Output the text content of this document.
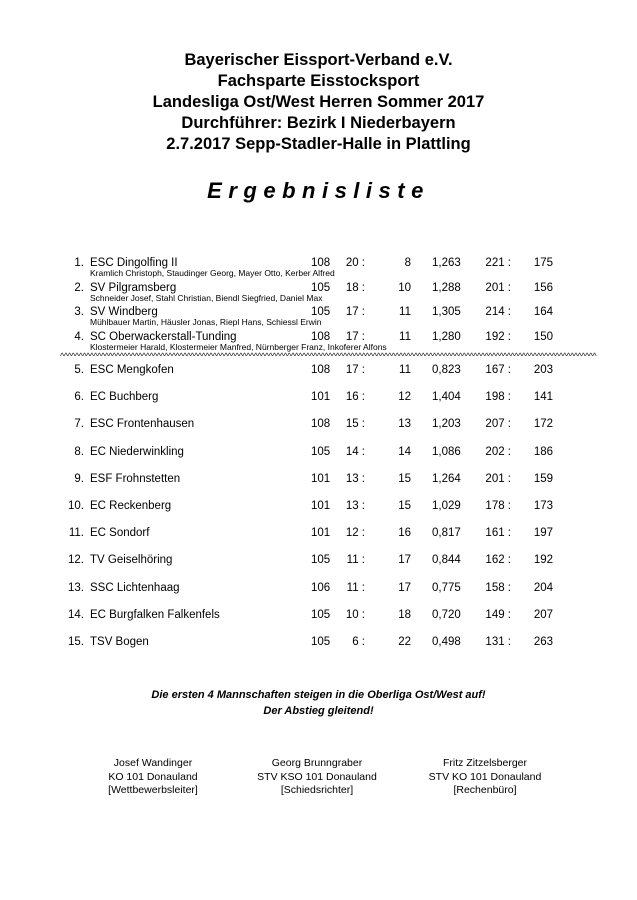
Bayerischer Eissport-Verband e.V.
Fachsparte Eisstocksport
Landesliga Ost/West Herren Sommer 2017
Durchführer: Bezirk I Niederbayern
2.7.2017 Sepp-Stadler-Halle in Plattling
Ergebnisliste
1. ESC Dingolfing II	108 20 :	8 1,263 221 : 175
Kramlich Christoph, Staudinger Georg, Mayer Otto, Kerber Alfred
2. SV Pilgramsberg	105 18 :	10 1,288 201 : 156
Schneider Josef, Stahl Christian, Biendl Siegfried, Daniel Max
3. SV Windberg	105 17 :	11 1,305 214 : 164
Mühlbauer Martin, Häusler Jonas, Riepl Hans, Schiessl Erwin
4. SC Oberwackerstall-Tunding	108 17 :	11 1,280 192 : 150
Klostermeier Harald, Klostermeier Manfred, Nürnberger Franz, Inkoferer Alfons
5. ESC Mengkofen	108 17 :	11 0,823 167 : 203
6. EC Buchberg	101 16 :	12 1,404 198 : 141
7. ESC Frontenhausen	108 15 :	13 1,203 207 : 172
8. EC Niederwinkling	105 14 :	14 1,086 202 : 186
9. ESF Frohnstetten	101 13 :	15 1,264 201 : 159
10. EC Reckenberg	101 13 :	15 1,029 178 : 173
11. EC Sondorf	101 12 :	16 0,817 161 : 197
12. TV Geiselhöring	105 11 :	17 0,844 162 : 192
13. SSC Lichtenhaag	106 11 :	17 0,775 158 : 204
14. EC Burgfalken Falkenfels	105 10 :	18 0,720 149 : 207
15. TSV Bogen	105 6 :	22 0,498 131 : 263
^^^^^^^^^^^^^^^^^^^^^^^^^^^^^^^^^^^^^^^^^^^^^^^^^^^^^^^^^^^^^^^^^^^^^^^^^^^^^^^^^^^^^^^^^^^^^^^^^^^^^^^^^^^^^^^^^^^^^^^^^^^^^^^^^^^^^^^^^^^^^^^^
Die ersten 4 Mannschaften steigen in die Oberliga Ost/West auf!
Der Abstieg gleitend!
Josef Wandinger
KO 101 Donauland
[Wettbewerbsleiter]
Georg Brunngraber
STV KSO 101 Donauland
[Schiedsrichter]
Fritz Zitzelsberger
STV KO 101 Donauland
[Rechenbüro]
